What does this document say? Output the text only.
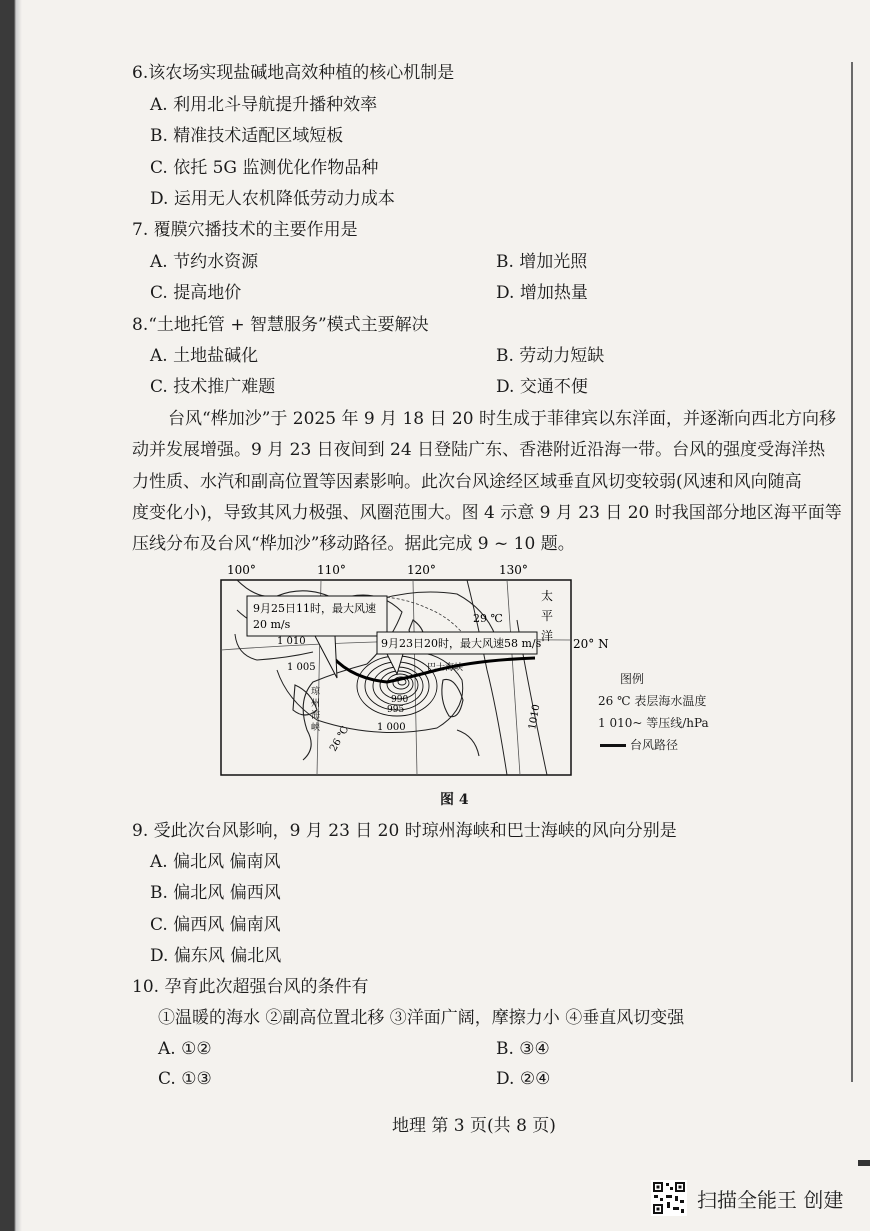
6.该农场实现盐碱地高效种植的核心机制是
A. 利用北斗导航提升播种效率
B. 精准技术适配区域短板
C. 依托 5G 监测优化作物品种
D. 运用无人农机降低劳动力成本
7. 覆膜穴播技术的主要作用是
A. 节约水资源	B. 增加光照
C. 提高地价	D. 增加热量
8.“土地托管 + 智慧服务”模式主要解决
A. 土地盐碱化	B. 劳动力短缺
C. 技术推广难题	D. 交通不便
台风“桦加沙”于 2025 年 9 月 18 日 20 时生成于菲律宾以东洋面，并逐渐向西北方向移
动并发展增强。9 月 23 日夜间到 24 日登陆广东、香港附近沿海一带。台风的强度受海洋热
力性质、水汽和副高位置等因素影响。此次台风途经区域垂直风切变较弱(风速和风向随高
度变化小)，导致其风力极强、风圈范围大。图 4 示意 9 月 23 日 20 时我国部分地区海平面等
压线分布及台风“桦加沙”移动路径。据此完成 9 ~ 10 题。
100°	110°	120°	130°
9月25日11时，最大风速
20 m/s
9月23日20时，最大风速58 m/s
太
平
洋
20° N
29 ℃
26 ℃
1 010
1 005
1 000
995
990
1010
琼
州
海
峡
巴士海峡
图例
26 ℃ 表层海水温度
1 010~ 等压线/hPa
台风路径
图 4
9. 受此次台风影响，9 月 23 日 20 时琼州海峡和巴士海峡的风向分别是
A. 偏北风 偏南风
B. 偏北风 偏西风
C. 偏西风 偏南风
D. 偏东风 偏北风
10. 孕育此次超强台风的条件有
①温暖的海水 ②副高位置北移 ③洋面广阔，摩擦力小 ④垂直风切变强
A. ①②	B. ③④
C. ①③	D. ②④
地理 第 3 页(共 8 页)
扫描全能王 创建
